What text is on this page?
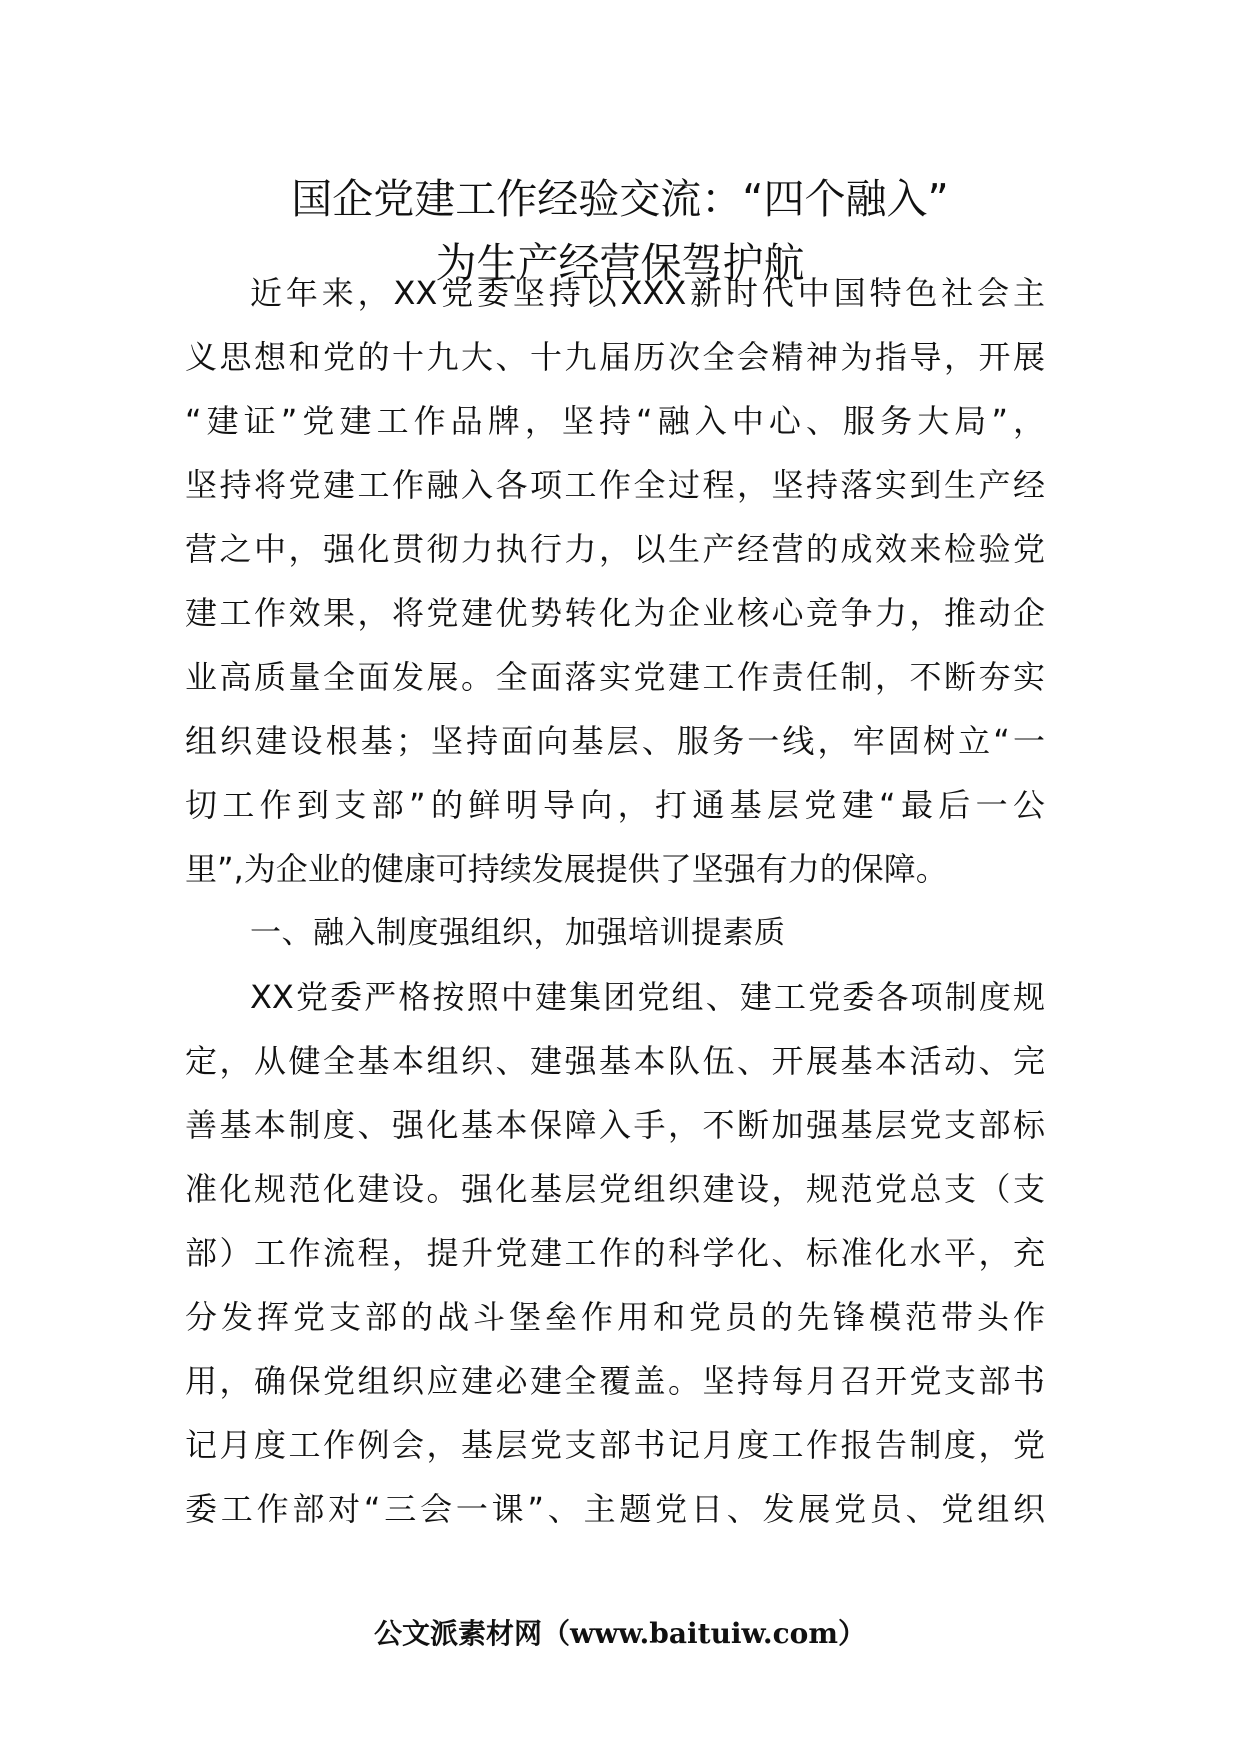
国企党建工作经验交流：“四个融入”
为生产经营保驾护航
近年来，XX党委坚持以XXX新时代中国特色社会主
义思想和党的十九大、十九届历次全会精神为指导，开展
“建证”党建工作品牌，坚持“融入中心、服务大局”，
坚持将党建工作融入各项工作全过程，坚持落实到生产经
营之中，强化贯彻力执行力，以生产经营的成效来检验党
建工作效果，将党建优势转化为企业核心竞争力，推动企
业高质量全面发展。全面落实党建工作责任制，不断夯实
组织建设根基；坚持面向基层、服务一线，牢固树立“一
切工作到支部”的鲜明导向，打通基层党建“最后一公
里”,为企业的健康可持续发展提供了坚强有力的保障。
一、融入制度强组织，加强培训提素质
XX党委严格按照中建集团党组、建工党委各项制度规
定，从健全基本组织、建强基本队伍、开展基本活动、完
善基本制度、强化基本保障入手，不断加强基层党支部标
准化规范化建设。强化基层党组织建设，规范党总支（支
部）工作流程，提升党建工作的科学化、标准化水平，充
分发挥党支部的战斗堡垒作用和党员的先锋模范带头作
用，确保党组织应建必建全覆盖。坚持每月召开党支部书
记月度工作例会，基层党支部书记月度工作报告制度，党
委工作部对“三会一课”、主题党日、发展党员、党组织
公文派素材网（www.baituiw.com）
